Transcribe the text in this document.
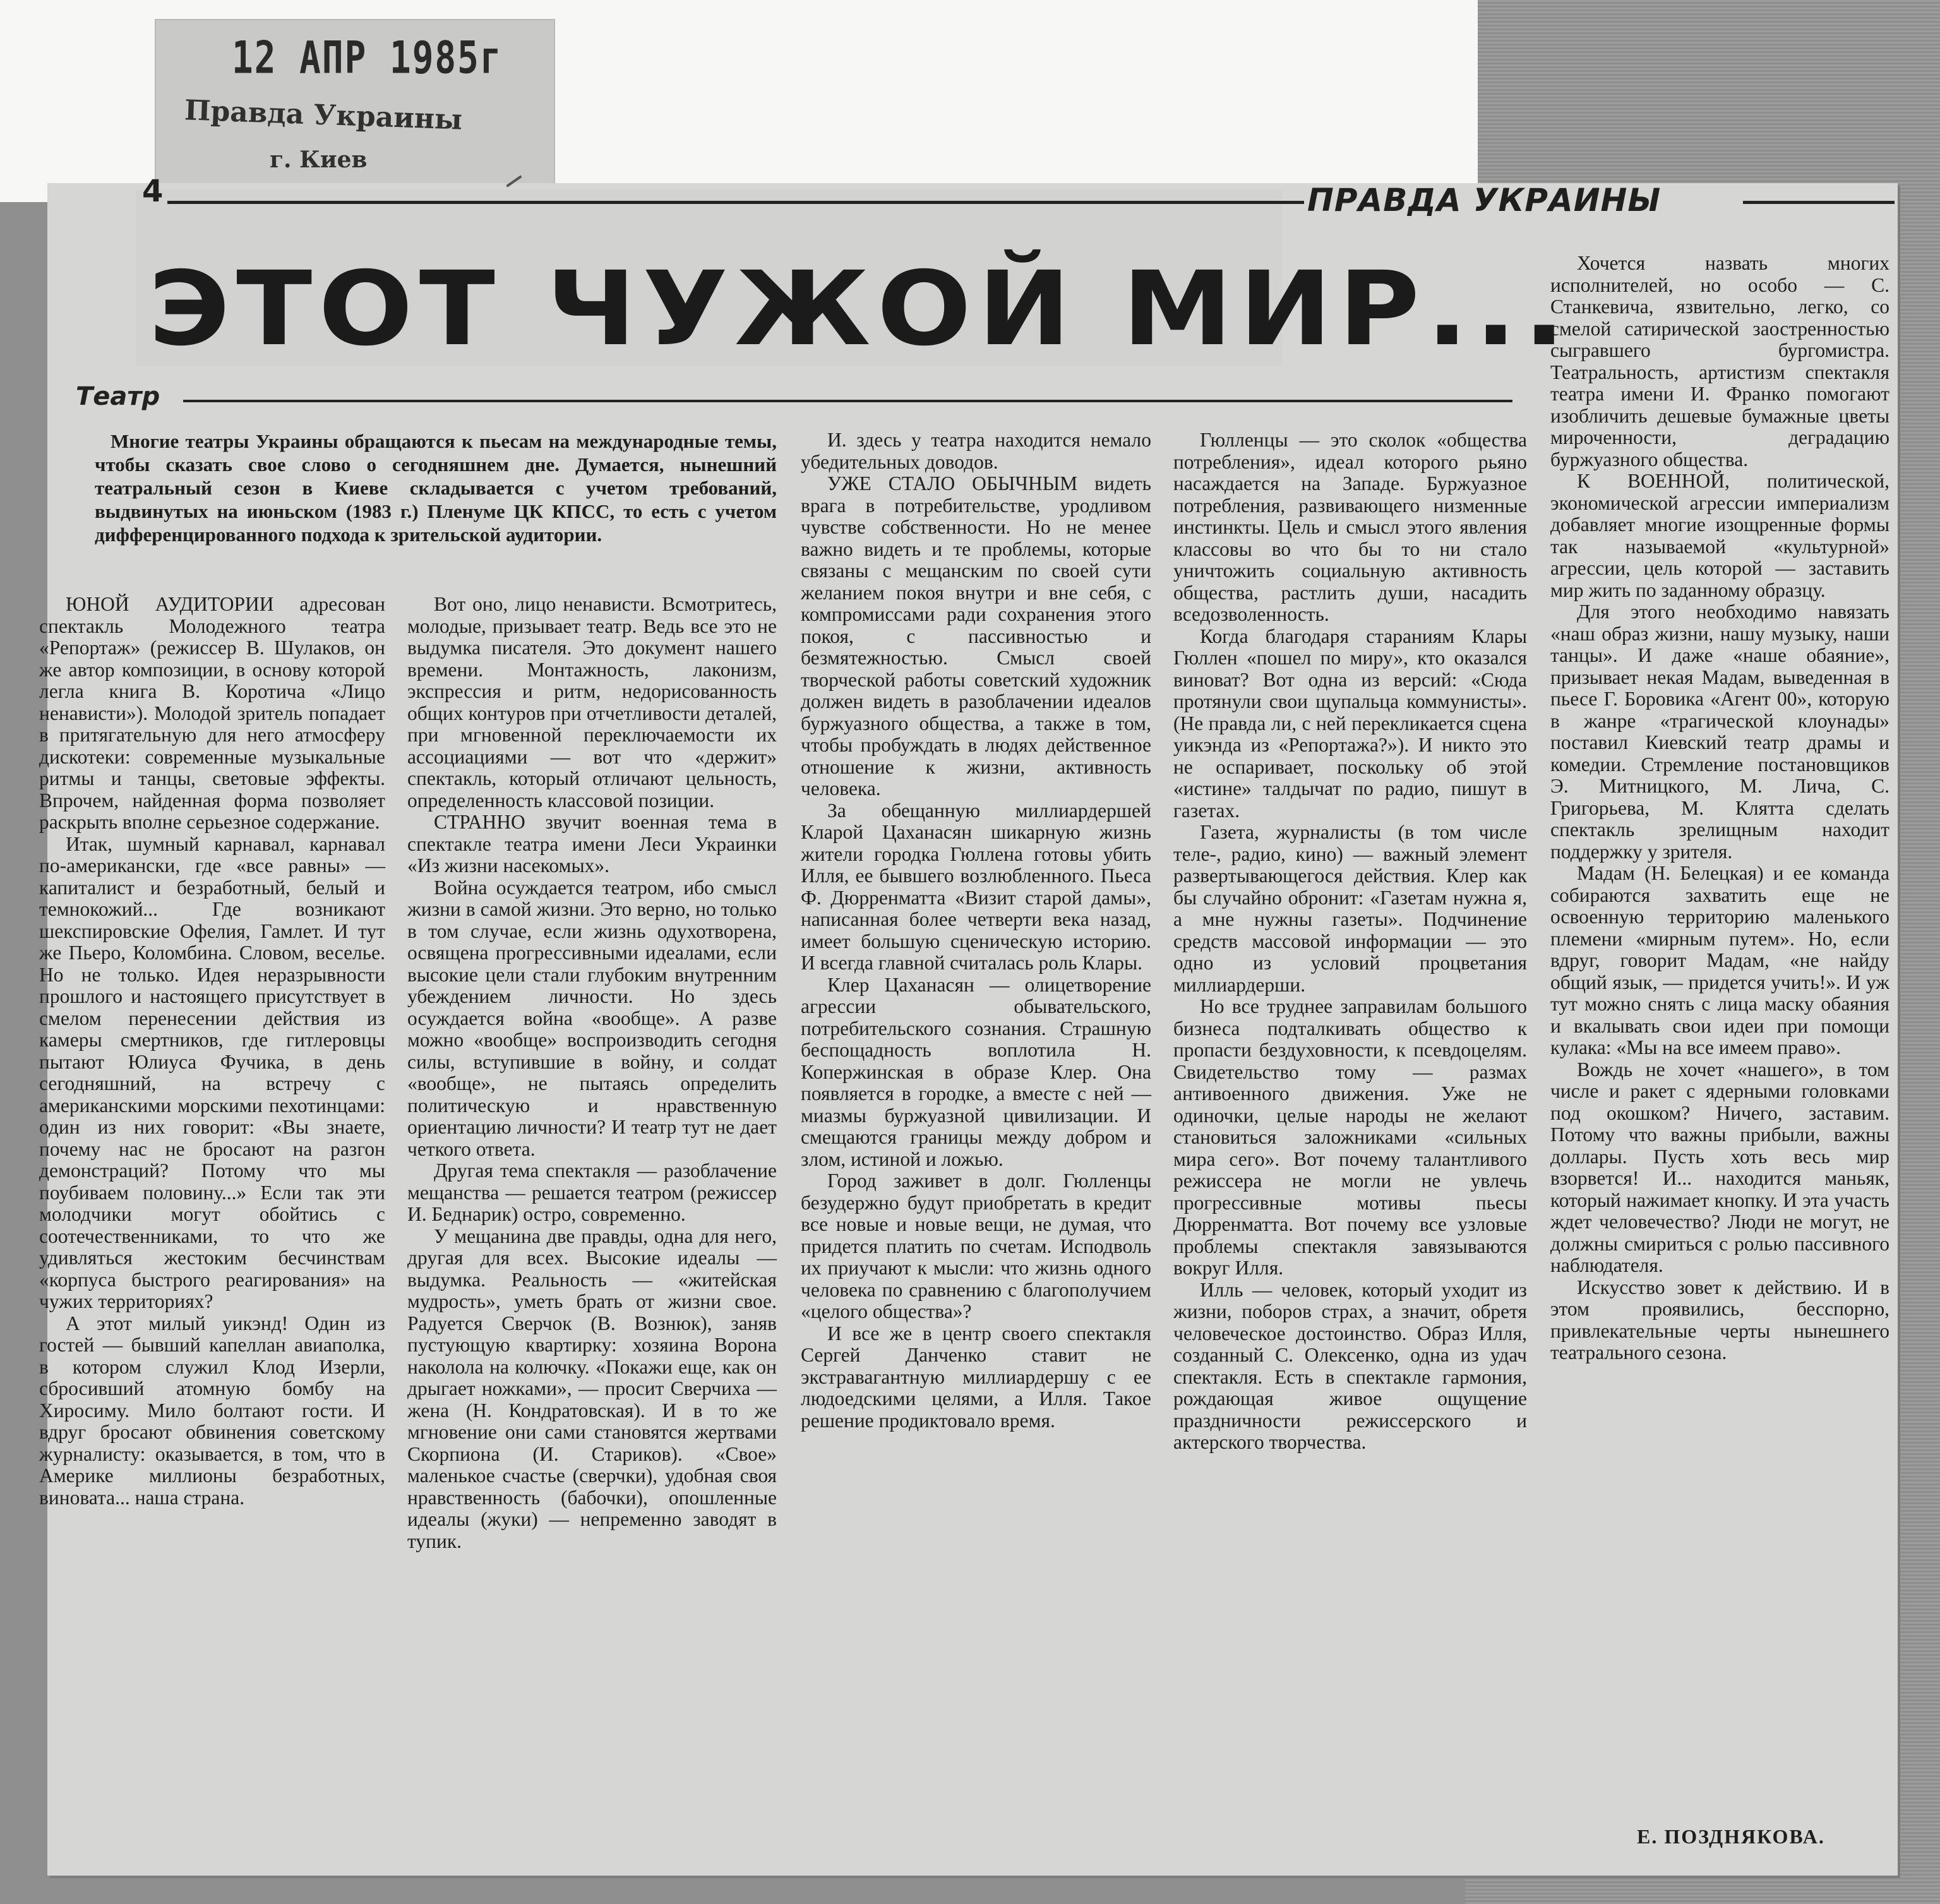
12 АПР 1985г
Правда Украины
г. Киев
4	ПРАВДА УКРАИНЫ
ЭТОТ ЧУЖОЙ МИР...
Театр
Многие театры Украины обращаются к пьесам на международные темы, чтобы сказать свое слово о сегодняшнем дне. Думается, нынешний театральный сезон в Киеве складывается с учетом требований, выдвинутых на июньском (1983 г.) Пленуме ЦК КПСС, то есть с учетом дифференцированного подхода к зрительской аудитории.

ЮНОЙ АУДИТОРИИ адресован спектакль Молодежного театра «Репортаж» (режиссер В. Шулаков, он же автор композиции, в основу которой легла книга В. Коротича «Лицо ненависти»). Молодой зритель попадает в притягательную для него атмосферу дискотеки: современные музыкальные ритмы и танцы, световые эффекты. Впрочем, найденная форма позволяет раскрыть вполне серьезное содержание.

Итак, шумный карнавал, карнавал по-американски, где «все равны» — капиталист и безработный, белый и темнокожий... Где возникают шекспировские Офелия, Гамлет. И тут же Пьеро, Коломбина. Словом, веселье. Но не только. Идея неразрывности прошлого и настоящего присутствует в смелом перенесении действия из камеры смертников, где гитлеровцы пытают Юлиуса Фучика, в день сегодняшний, на встречу с американскими морскими пехотинцами: один из них говорит: «Вы знаете, почему нас не бросают на разгон демонстраций? Потому что мы поубиваем половину...» Если так эти молодчики могут обойтись с соотечественниками, то что же удивляться жестоким бесчинствам «корпуса быстрого реагирования» на чужих территориях?

А этот милый уикэнд! Один из гостей — бывший капеллан авиаполка, в котором служил Клод Изерли, сбросивший атомную бомбу на Хиросиму. Мило болтают гости. И вдруг бросают обвинения советскому журналисту: оказывается, в том, что в Америке миллионы безработных, виновата... наша страна.

Вот оно, лицо ненависти. Всмотритесь, молодые, призывает театр. Ведь все это не выдумка писателя. Это документ нашего времени. Монтажность, лаконизм, экспрессия и ритм, недорисованность общих контуров при отчетливости деталей, при мгновенной переключаемости их ассоциациями — вот что «держит» спектакль, который отличают цельность, определенность классовой позиции.

СТРАННО звучит военная тема в спектакле театра имени Леси Украинки «Из жизни насекомых».

Война осуждается театром, ибо смысл жизни в самой жизни. Это верно, но только в том случае, если жизнь одухотворена, освящена прогрессивными идеалами, если высокие цели стали глубоким внутренним убеждением личности. Но здесь осуждается война «вообще». А разве можно «вообще» воспроизводить сегодня силы, вступившие в войну, и солдат «вообще», не пытаясь определить политическую и нравственную ориентацию личности? И театр тут не дает четкого ответа.

Другая тема спектакля — разоблачение мещанства — решается театром (режиссер И. Беднарик) остро, современно.

У мещанина две правды, одна для него, другая для всех. Высокие идеалы — выдумка. Реальность — «житейская мудрость», уметь брать от жизни свое. Радуется Сверчок (В. Вознюк), заняв пустующую квартирку: хозяина Ворона наколола на колючку. «Покажи еще, как он дрыгает ножками», — просит Сверчиха — жена (Н. Кондратовская). И в то же мгновение они сами становятся жертвами Скорпиона (И. Стариков). «Свое» маленькое счастье (сверчки), удобная своя нравственность (бабочки), опошленные идеалы (жуки) — непременно заводят в тупик.

И. здесь у театра находится немало убедительных доводов.

УЖЕ СТАЛО ОБЫЧНЫМ видеть врага в потребительстве, уродливом чувстве собственности. Но не менее важно видеть и те проблемы, которые связаны с мещанским по своей сути желанием покоя внутри и вне себя, с компромиссами ради сохранения этого покоя, с пассивностью и безмятежностью. Смысл своей творческой работы советский художник должен видеть в разоблачении идеалов буржуазного общества, а также в том, чтобы пробуждать в людях действенное отношение к жизни, активность человека.

За обещанную миллиардершей Кларой Цаханасян шикарную жизнь жители городка Гюллена готовы убить Илля, ее бывшего возлюбленного. Пьеса Ф. Дюрренматта «Визит старой дамы», написанная более четверти века назад, имеет большую сценическую историю. И всегда главной считалась роль Клары.

Клер Цаханасян — олицетворение агрессии обывательского, потребительского сознания. Страшную беспощадность воплотила Н. Копержинская в образе Клер. Она появляется в городке, а вместе с ней — миазмы буржуазной цивилизации. И смещаются границы между добром и злом, истиной и ложью.

Город заживет в долг. Гюлленцы безудержно будут приобретать в кредит все новые и новые вещи, не думая, что придется платить по счетам. Исподволь их приучают к мысли: что жизнь одного человека по сравнению с благополучием «целого общества»?

И все же в центр своего спектакля Сергей Данченко ставит не экстравагантную миллиардершу с ее людоедскими целями, а Илля. Такое решение продиктовало время.

Гюлленцы — это сколок «общества потребления», идеал которого рьяно насаждается на Западе. Буржуазное потребления, развивающего низменные инстинкты. Цель и смысл этого явления классовы во что бы то ни стало уничтожить социальную активность общества, растлить души, насадить вседозволенность.

Когда благодаря стараниям Клары Гюллен «пошел по миру», кто оказался виноват? Вот одна из версий: «Сюда протянули свои щупальца коммунисты». (Не правда ли, с ней перекликается сцена уикэнда из «Репортажа?»). И никто это не оспаривает, поскольку об этой «истине» талдычат по радио, пишут в газетах.

Газета, журналисты (в том числе теле-, радио, кино) — важный элемент развертывающегося действия. Клер как бы случайно обронит: «Газетам нужна я, а мне нужны газеты». Подчинение средств массовой информации — это одно из условий процветания миллиардерши.

Но все труднее заправилам большого бизнеса подталкивать общество к пропасти бездуховности, к псевдоцелям. Свидетельство тому — размах антивоенного движения. Уже не одиночки, целые народы не желают становиться заложниками «сильных мира сего». Вот почему талантливого режиссера не могли не увлечь прогрессивные мотивы пьесы Дюрренматта. Вот почему все узловые проблемы спектакля завязываются вокруг Илля.

Илль — человек, который уходит из жизни, поборов страх, а значит, обретя человеческое достоинство. Образ Илля, созданный С. Олексенко, одна из удач спектакля. Есть в спектакле гармония, рождающая живое ощущение праздничности режиссерского и актерского творчества.

Хочется назвать многих исполнителей, но особо — С. Станкевича, язвительно, легко, со смелой сатирической заостренностью сыгравшего бургомистра. Театральность, артистизм спектакля театра имени И. Франко помогают изобличить дешевые бумажные цветы мироченности, деградацию буржуазного общества.

К ВОЕННОЙ, политической, экономической агрессии империализм добавляет многие изощренные формы так называемой «культурной» агрессии, цель которой — заставить мир жить по заданному образцу.

Для этого необходимо навязать «наш образ жизни, нашу музыку, наши танцы». И даже «наше обаяние», призывает некая Мадам, выведенная в пьесе Г. Боровика «Агент 00», которую в жанре «трагической клоунады» поставил Киевский театр драмы и комедии. Стремление постановщиков Э. Митницкого, М. Лича, С. Григорьева, М. Клятта сделать спектакль зрелищным находит поддержку у зрителя.

Мадам (Н. Белецкая) и ее команда собираются захватить еще не освоенную территорию маленького племени «мирным путем». Но, если вдруг, говорит Мадам, «не найду общий язык, — придется учить!». И уж тут можно снять с лица маску обаяния и вкалывать свои идеи при помощи кулака: «Мы на все имеем право».

Вождь не хочет «нашего», в том числе и ракет с ядерными головками под окошком? Ничего, заставим. Потому что важны прибыли, важны доллары. Пусть хоть весь мир взорвется! И... находится маньяк, который нажимает кнопку. И эта участь ждет человечество? Люди не могут, не должны смириться с ролью пассивного наблюдателя.

Искусство зовет к действию. И в этом проявились, бесспорно, привлекательные черты нынешнего театрального сезона.

Е. ПОЗДНЯКОВА.
